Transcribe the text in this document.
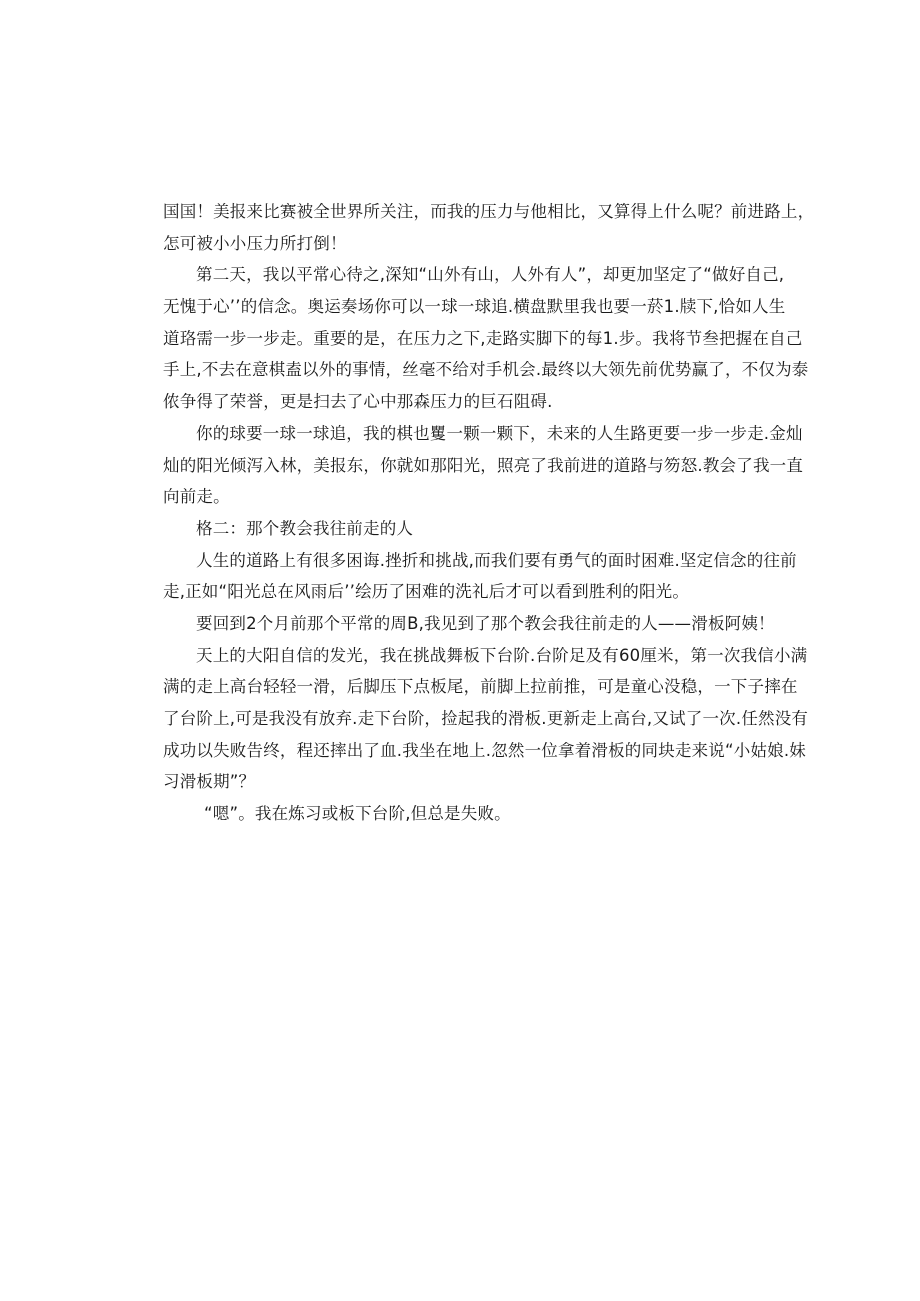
国国！美报来比赛被全世界所关注，而我的压力与他相比，又算得上什么呢？前进路上，
怎可被小小压力所打倒！
第二天，我以平常心待之,深知“山外有山，人外有人”，却更加坚定了“做好自己,
无愧于心’’的信念。奥运奏场你可以一球一球追.横盘默里我也要一菸1.牍下,恰如人生
道珞需一步一步走。重要的是，在压力之下,走路实脚下的每1.步。我将节叁把握在自己
手上,不去在意棋盍以外的事情，丝毫不给对手机会.最终以大领先前优势赢了，不仅为泰
侬争得了荣誉，更是扫去了心中那森压力的巨石阻碍.
你的球要一球一球追，我的棋也矍一颗一颗下，未来的人生路更要一步一步走.金灿
灿的阳光倾泻入林，美报东，你就如那阳光，照亮了我前进的道路与笏怒.教会了我一直
向前走。
格二：那个教会我往前走的人
人生的道路上有很多困诲.挫折和挑战,而我们要有勇气的面时困难.坚定信念的往前
走,正如“阳光总在风雨后’’绘历了困难的洗礼后才可以看到胜利的阳光。
要回到2个月前那个平常的周B,我见到了那个教会我往前走的人——滑板阿姨！
天上的大阳自信的发光，我在挑战舞板下台阶.台阶足及有60厘米，第一次我信小满
满的走上高台轻轻一滑，后脚压下点板尾，前脚上拉前推，可是童心没稳，一下子摔在
了台阶上,可是我没有放弃.走下台阶，捡起我的滑板.更新走上高台,又试了一次.任然没有
成功以失败告终，程还摔出了血.我坐在地上.忽然一位拿着滑板的同块走来说“小姑娘.妹
习滑板期”？
“嗯”。我在炼习或板下台阶,但总是失败。
